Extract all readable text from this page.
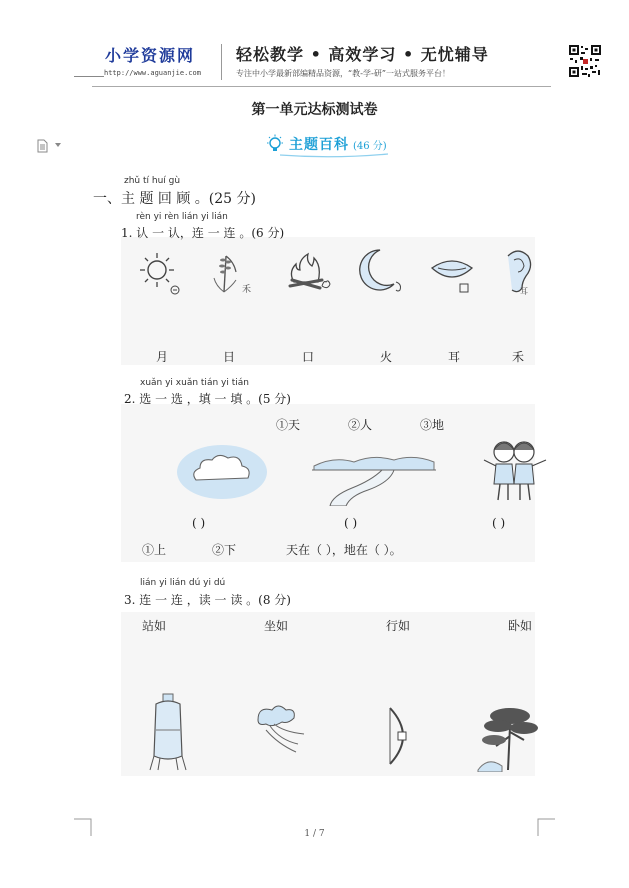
小学资源网
http://www.aguanjie.com
轻松教学 • 高效学习 • 无忧辅导
专注中小学最新部编精品资源，“教-学-研”一站式服务平台！
第一单元达标测试卷
主题百科 (46 分)
zhǔ tí huí gù
一、主 题 回 顾 。(25 分)
rèn yi rèn lián yi lián
1. 认 一 认，连 一 连 。(6 分)
禾	耳
月	日	口	火	耳	禾
xuǎn yi xuǎn tián yi tián
2. 选 一 选 ，填 一 填 。(5 分)
①天	②人	③地
( )	( )	( )
①上	②下	天在（ ），地在（ ）。
lián yi lián dú yi dú
3. 连 一 连 ，读 一 读 。(8 分)
站如	坐如	行如	卧如
1 / 7
